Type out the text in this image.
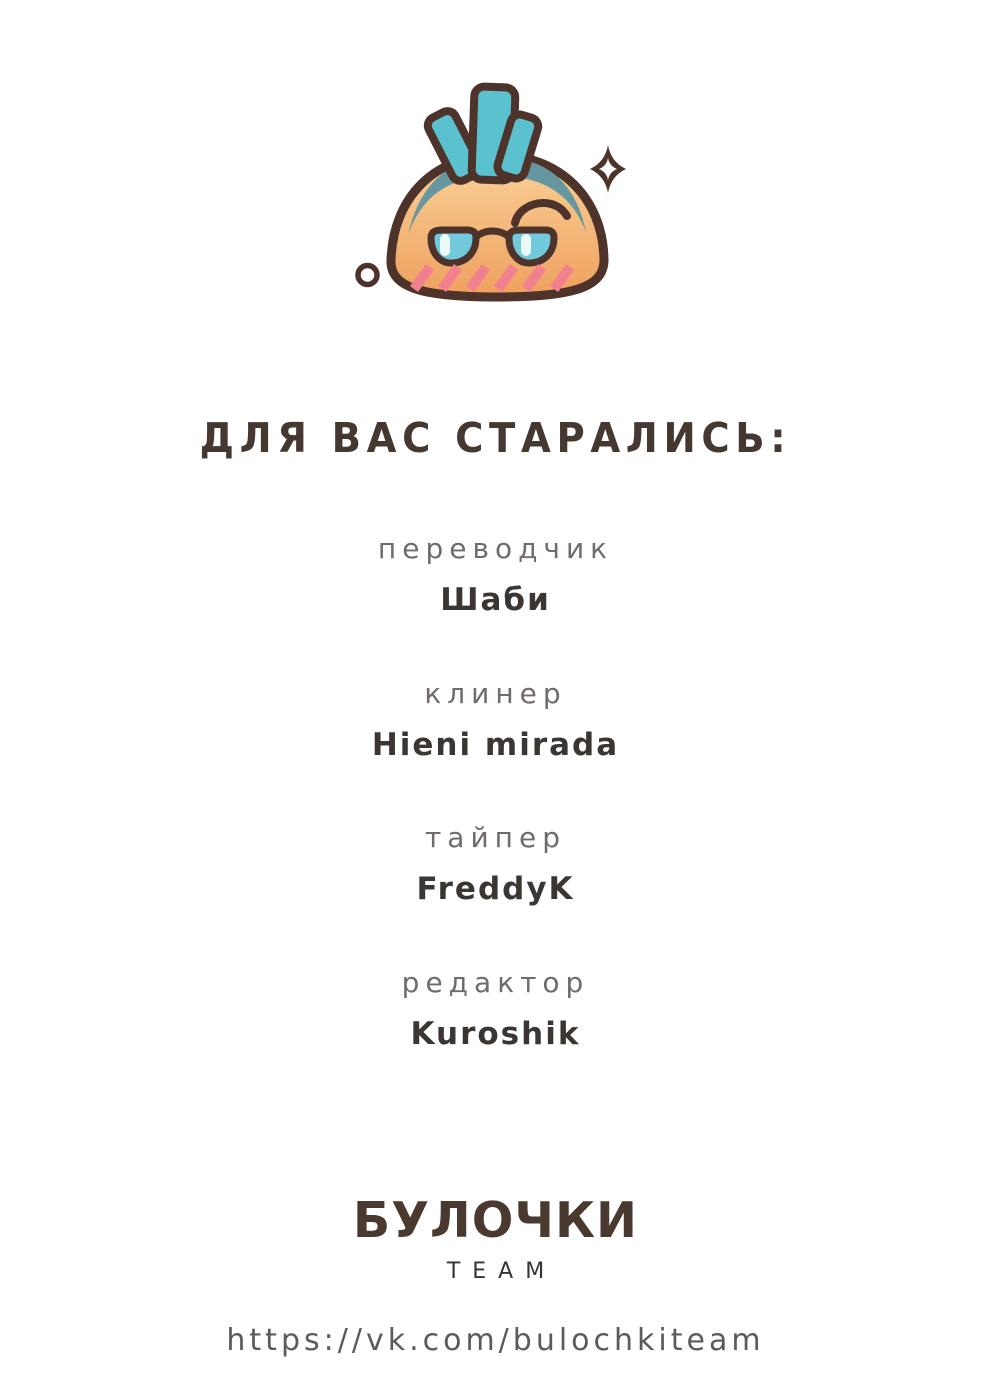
ДЛЯ ВАС СТАРАЛИСЬ:
переводчик
Шаби
клинер
Hieni mirada
тайпер
FreddyK
редактор
Kuroshik
БУЛОЧКИ
TEAM
https://vk.com/bulochkiteam
